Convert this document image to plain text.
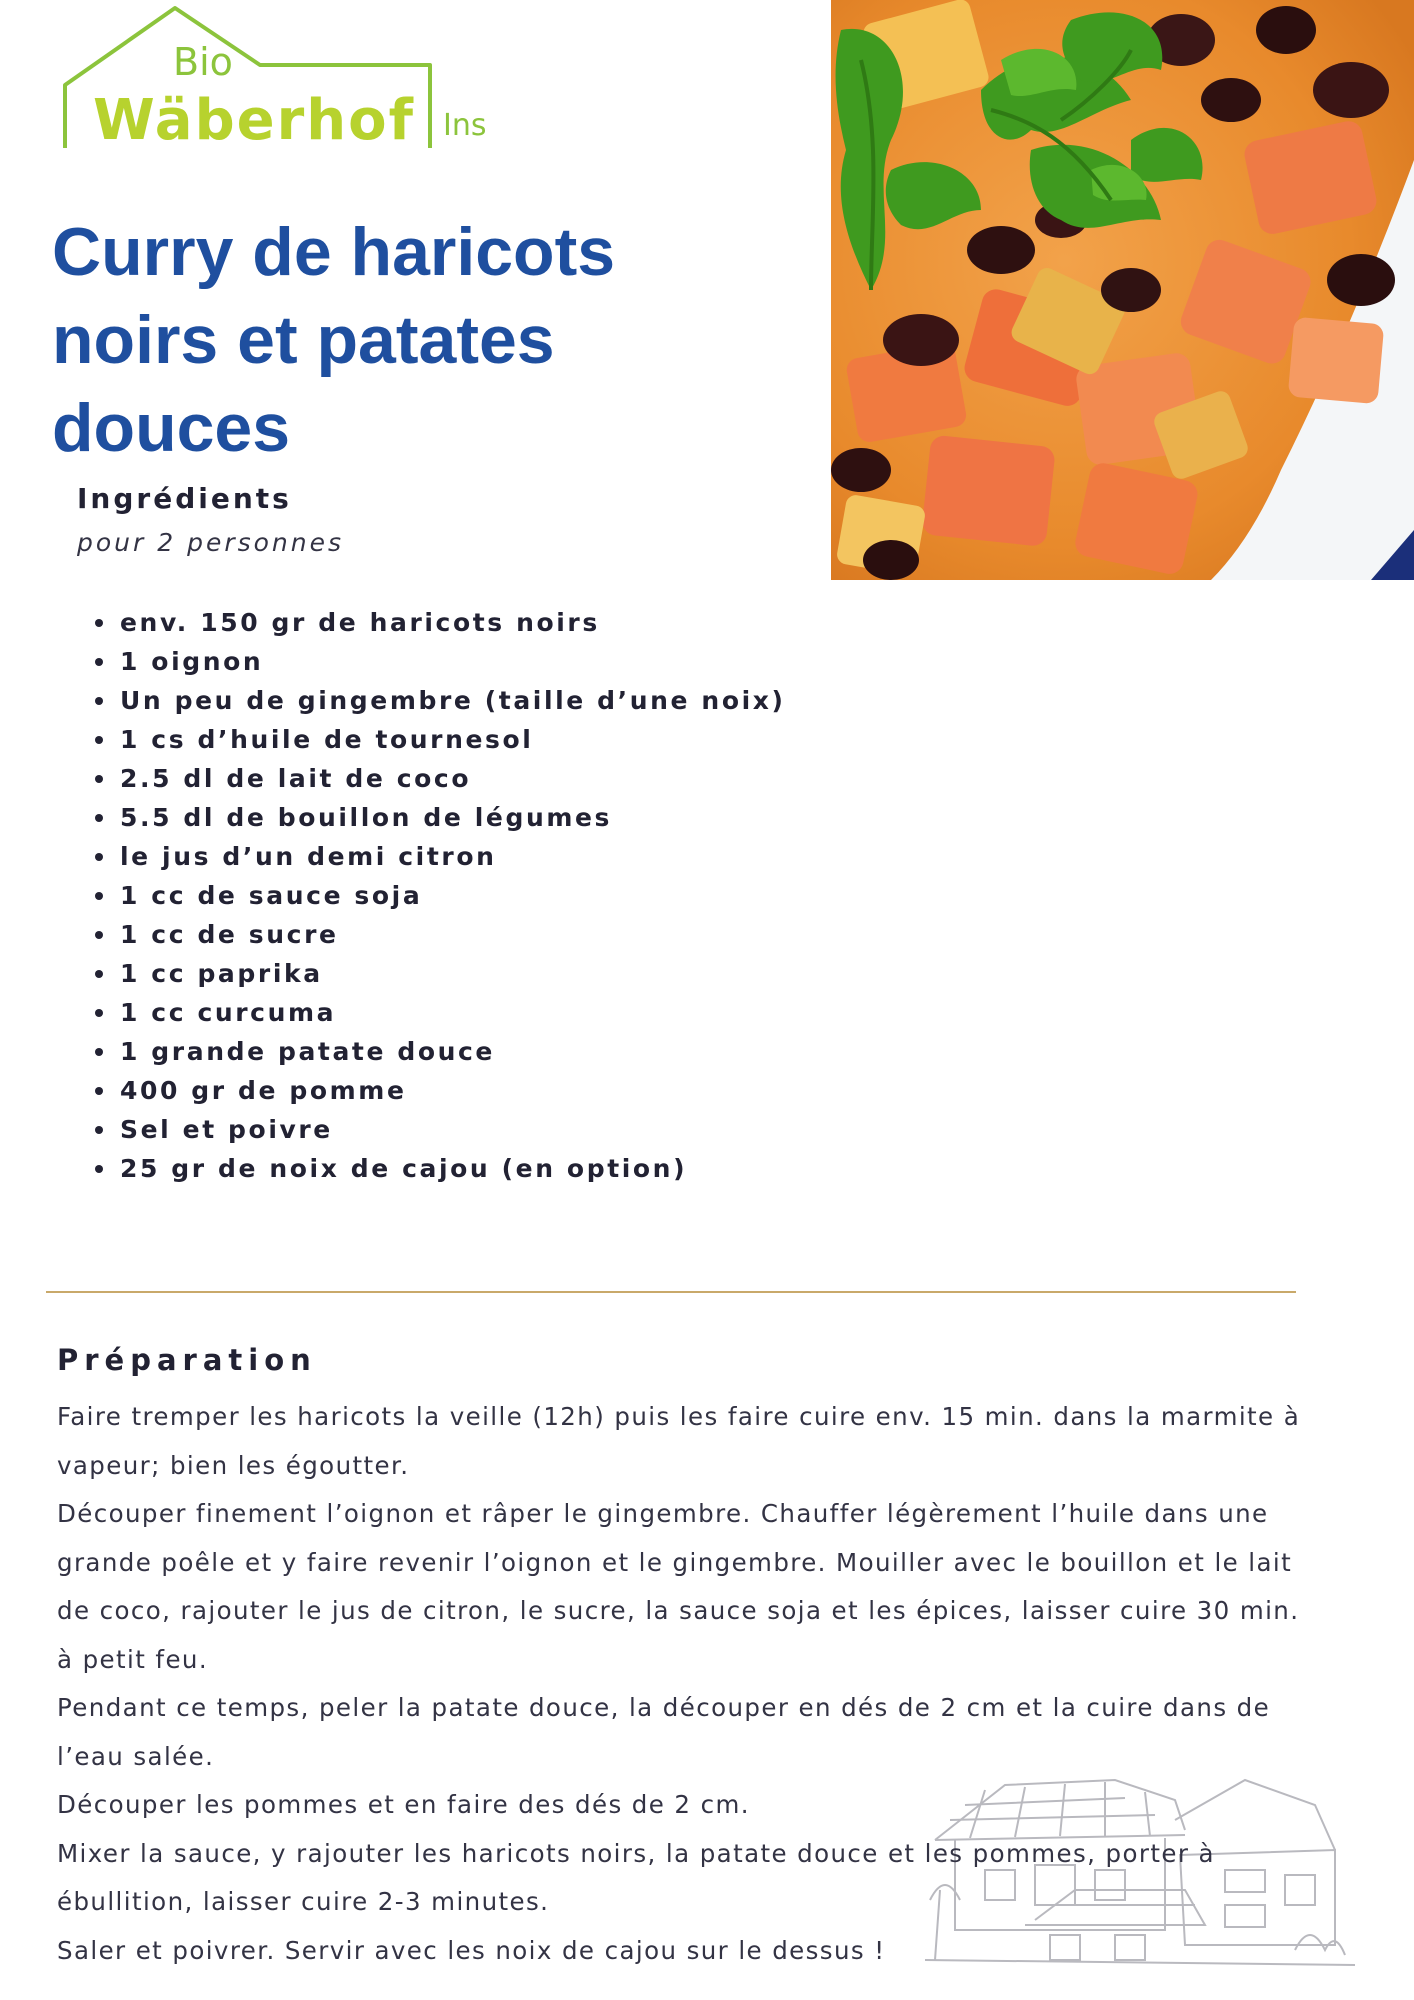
Bio
Wäberhof Ins
Curry de haricots
noirs et patates
douces
Ingrédients
pour 2 personnes
env. 150 gr de haricots noirs
1 oignon
Un peu de gingembre (taille d’une noix)
1 cs d’huile de tournesol
2.5 dl de lait de coco
5.5 dl de bouillon de légumes
le jus d’un demi citron
1 cc de sauce soja
1 cc de sucre
1 cc paprika
1 cc curcuma
1 grande patate douce
400 gr de pomme
Sel et poivre
25 gr de noix de cajou (en option)
Préparation

Faire tremper les haricots la veille (12h) puis les faire cuire env. 15 min. dans la marmite à vapeur; bien les égoutter.

Découper finement l’oignon et râper le gingembre. Chauffer légèrement l’huile dans une grande poêle et y faire revenir l’oignon et le gingembre. Mouiller avec le bouillon et le lait de coco, rajouter le jus de citron, le sucre, la sauce soja et les épices, laisser cuire 30 min. à petit feu.

Pendant ce temps, peler la patate douce, la découper en dés de 2 cm et la cuire dans de l’eau salée.

Découper les pommes et en faire des dés de 2 cm.

Mixer la sauce, y rajouter les haricots noirs, la patate douce et les pommes, porter à ébullition, laisser cuire 2-3 minutes.

Saler et poivrer. Servir avec les noix de cajou sur le dessus !
